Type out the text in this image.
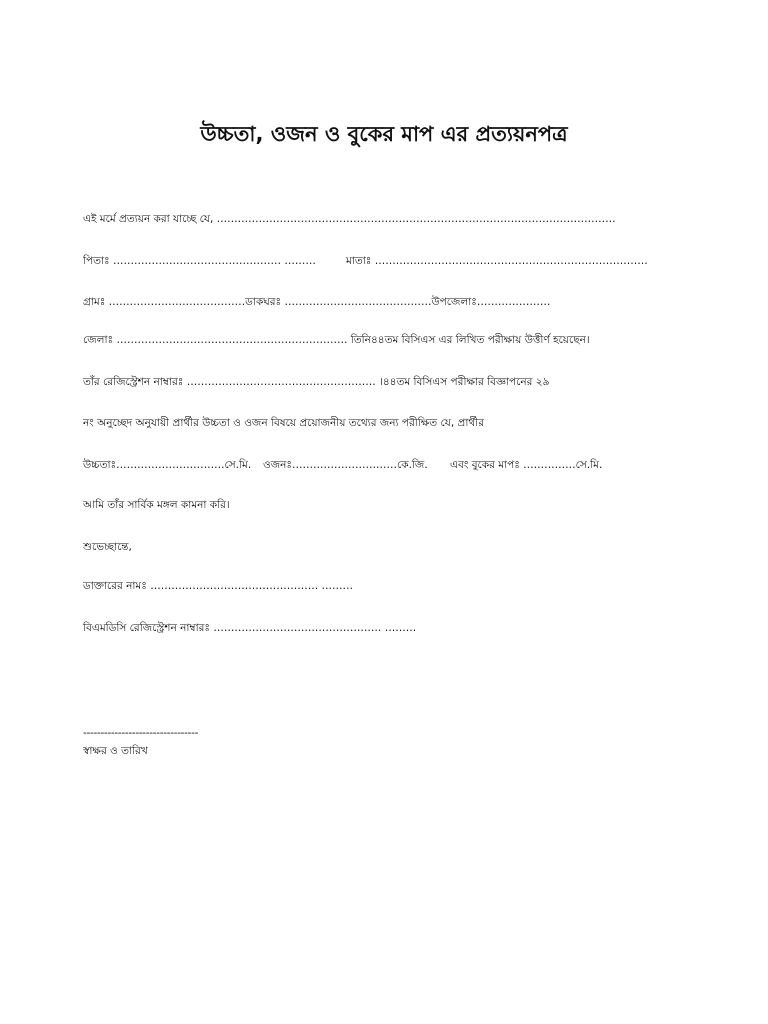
উচ্চতা, ওজন ও বুকের মাপ এর প্রত্যয়নপত্র
এই মর্মে প্রত্যয়ন করা যাচ্ছে যে, ……………………………………………………………………………………………………
পিতাঃ ………………………………………… ………	মাতাঃ ……………………………………………………………………
গ্রামঃ …………………………………ডাকঘরঃ ……………………………………উপজেলাঃ…………………
জেলাঃ ………………………………………………………… তিনি৪৪তম বিসিএস এর লিখিত পরীক্ষায় উত্তীর্ণ হয়েছেন।
তাঁর রেজিস্ট্রেশন নাম্বারঃ ……………………………………………… ।৪৪তম বিসিএস পরীক্ষার বিজ্ঞাপনের ২৯
নং অনুচ্ছেদ অনুযায়ী প্রার্থীর উচ্চতা ও ওজন বিষয়ে প্রয়োজনীয় তথ্যের জন্য পরীক্ষিত যে, প্রার্থীর
উচ্চতাঃ………………………….সে.মি. ওজনঃ…………………………কে.জি. এবং বুকের মাপঃ ……………সে.মি.
আমি তাঁর সার্বিক মঙ্গল কামনা করি।
শুভেচ্ছান্তে,
ডাক্তারের নামঃ ………………………………………… ………
বিএমডিসি রেজিস্ট্রেশন নাম্বারঃ ………………………………………… ………
---------------------------------
স্বাক্ষর ও তারিখ
